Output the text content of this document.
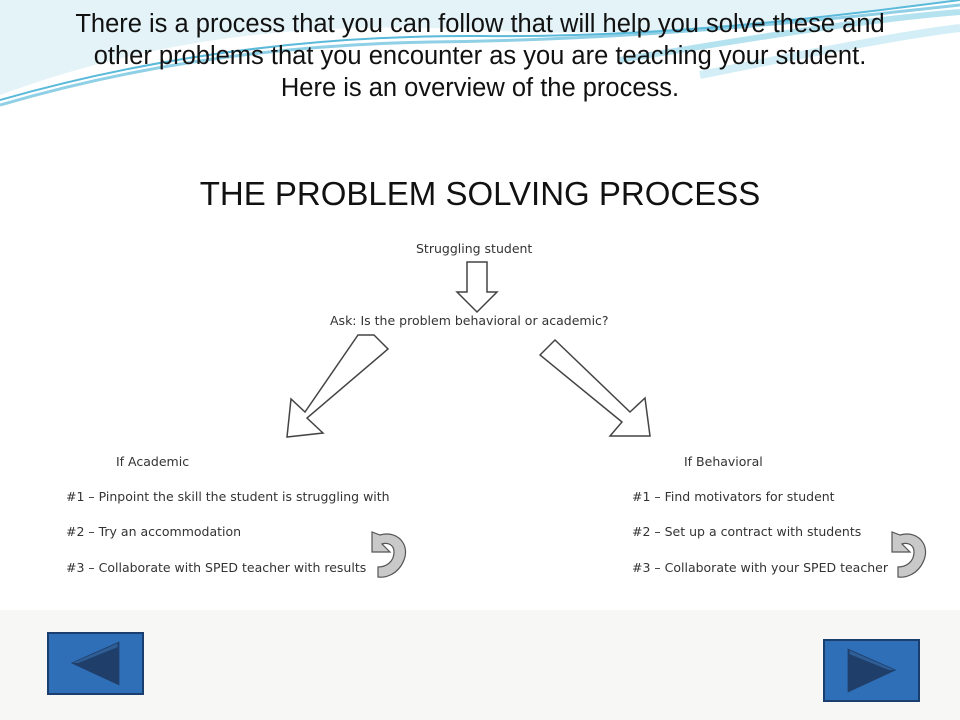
There is a process that you can follow that will help you solve these and other problems that you encounter as you are teaching your student. Here is an overview of the process.
THE PROBLEM SOLVING PROCESS
Struggling student
Ask: Is the problem behavioral or academic?
If Academic
#1 – Pinpoint the skill the student is struggling with
#2 – Try an accommodation
#3 – Collaborate with SPED teacher with results
If Behavioral
#1 – Find motivators for student
#2 – Set up a contract with students
#3 – Collaborate with your SPED teacher
